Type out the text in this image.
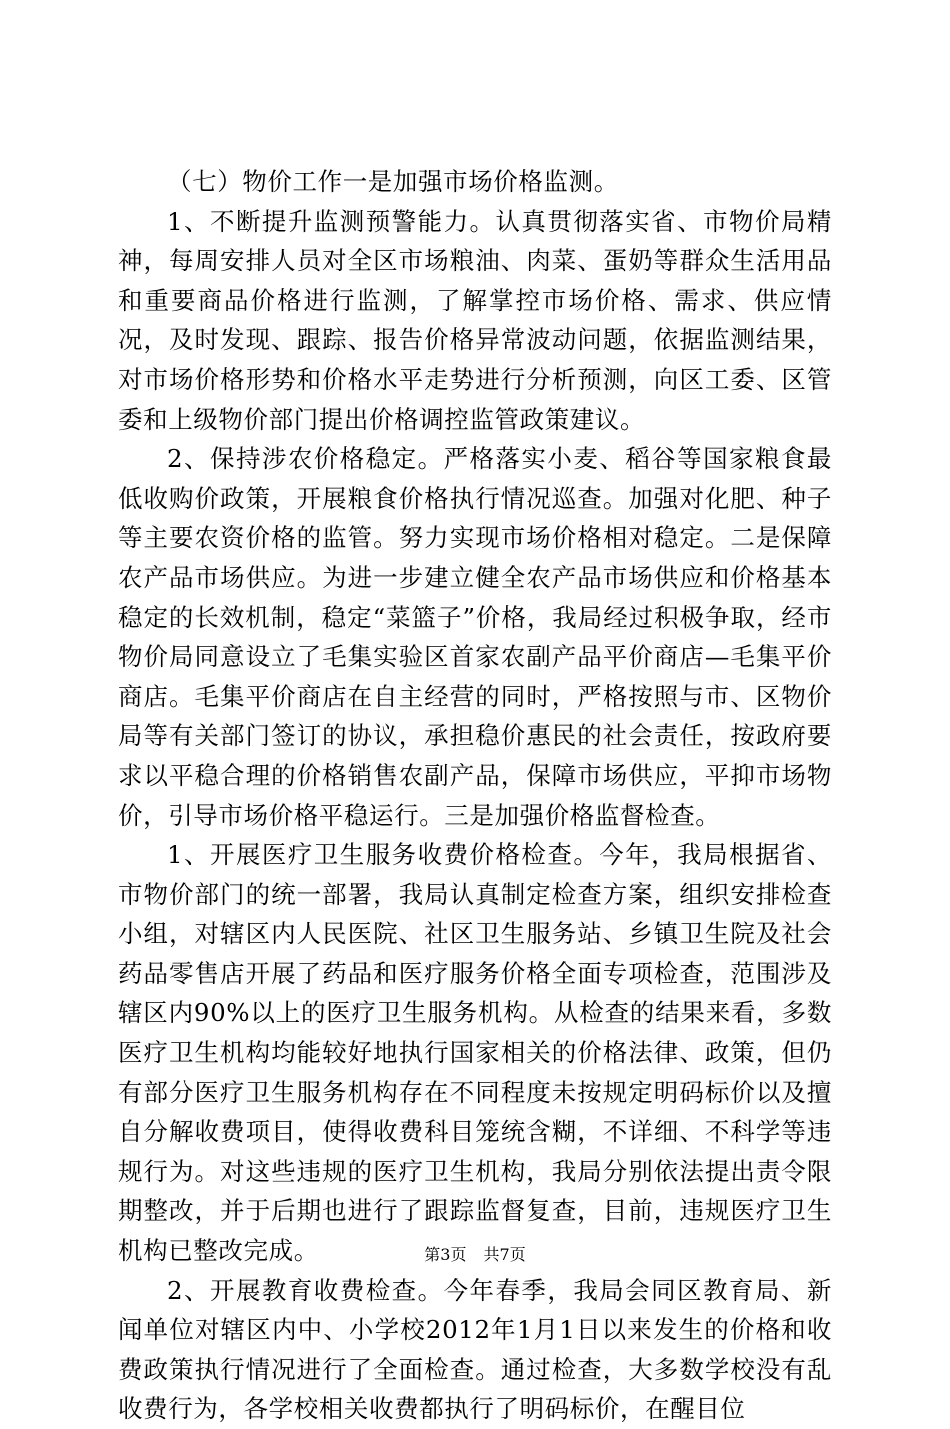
（七）物价工作一是加强市场价格监测。

1、不断提升监测预警能力。认真贯彻落实省、市物价局精神，每周安排人员对全区市场粮油、肉菜、蛋奶等群众生活用品和重要商品价格进行监测，了解掌控市场价格、需求、供应情况，及时发现、跟踪、报告价格异常波动问题，依据监测结果，对市场价格形势和价格水平走势进行分析预测，向区工委、区管委和上级物价部门提出价格调控监管政策建议。

2、保持涉农价格稳定。严格落实小麦、稻谷等国家粮食最低收购价政策，开展粮食价格执行情况巡查。加强对化肥、种子等主要农资价格的监管。努力实现市场价格相对稳定。二是保障农产品市场供应。为进一步建立健全农产品市场供应和价格基本稳定的长效机制，稳定“菜篮子”价格，我局经过积极争取，经市物价局同意设立了毛集实验区首家农副产品平价商店—毛集平价商店。毛集平价商店在自主经营的同时，严格按照与市、区物价局等有关部门签订的协议，承担稳价惠民的社会责任，按政府要求以平稳合理的价格销售农副产品，保障市场供应，平抑市场物价，引导市场价格平稳运行。三是加强价格监督检查。

1、开展医疗卫生服务收费价格检查。今年，我局根据省、市物价部门的统一部署，我局认真制定检查方案，组织安排检查小组，对辖区内人民医院、社区卫生服务站、乡镇卫生院及社会药品零售店开展了药品和医疗服务价格全面专项检查，范围涉及辖区内90%以上的医疗卫生服务机构。从检查的结果来看，多数医疗卫生机构均能较好地执行国家相关的价格法律、政策，但仍有部分医疗卫生服务机构存在不同程度未按规定明码标价以及擅自分解收费项目，使得收费科目笼统含糊，不详细、不科学等违规行为。对这些违规的医疗卫生机构，我局分别依法提出责令限期整改，并于后期也进行了跟踪监督复查，目前，违规医疗卫生机构已整改完成。

2、开展教育收费检查。今年春季，我局会同区教育局、新闻单位对辖区内中、小学校2012年1月1日以来发生的价格和收费政策执行情况进行了全面检查。通过检查，大多数学校没有乱收费行为，各学校相关收费都执行了明码标价，在醒目位

第3页 共7页
